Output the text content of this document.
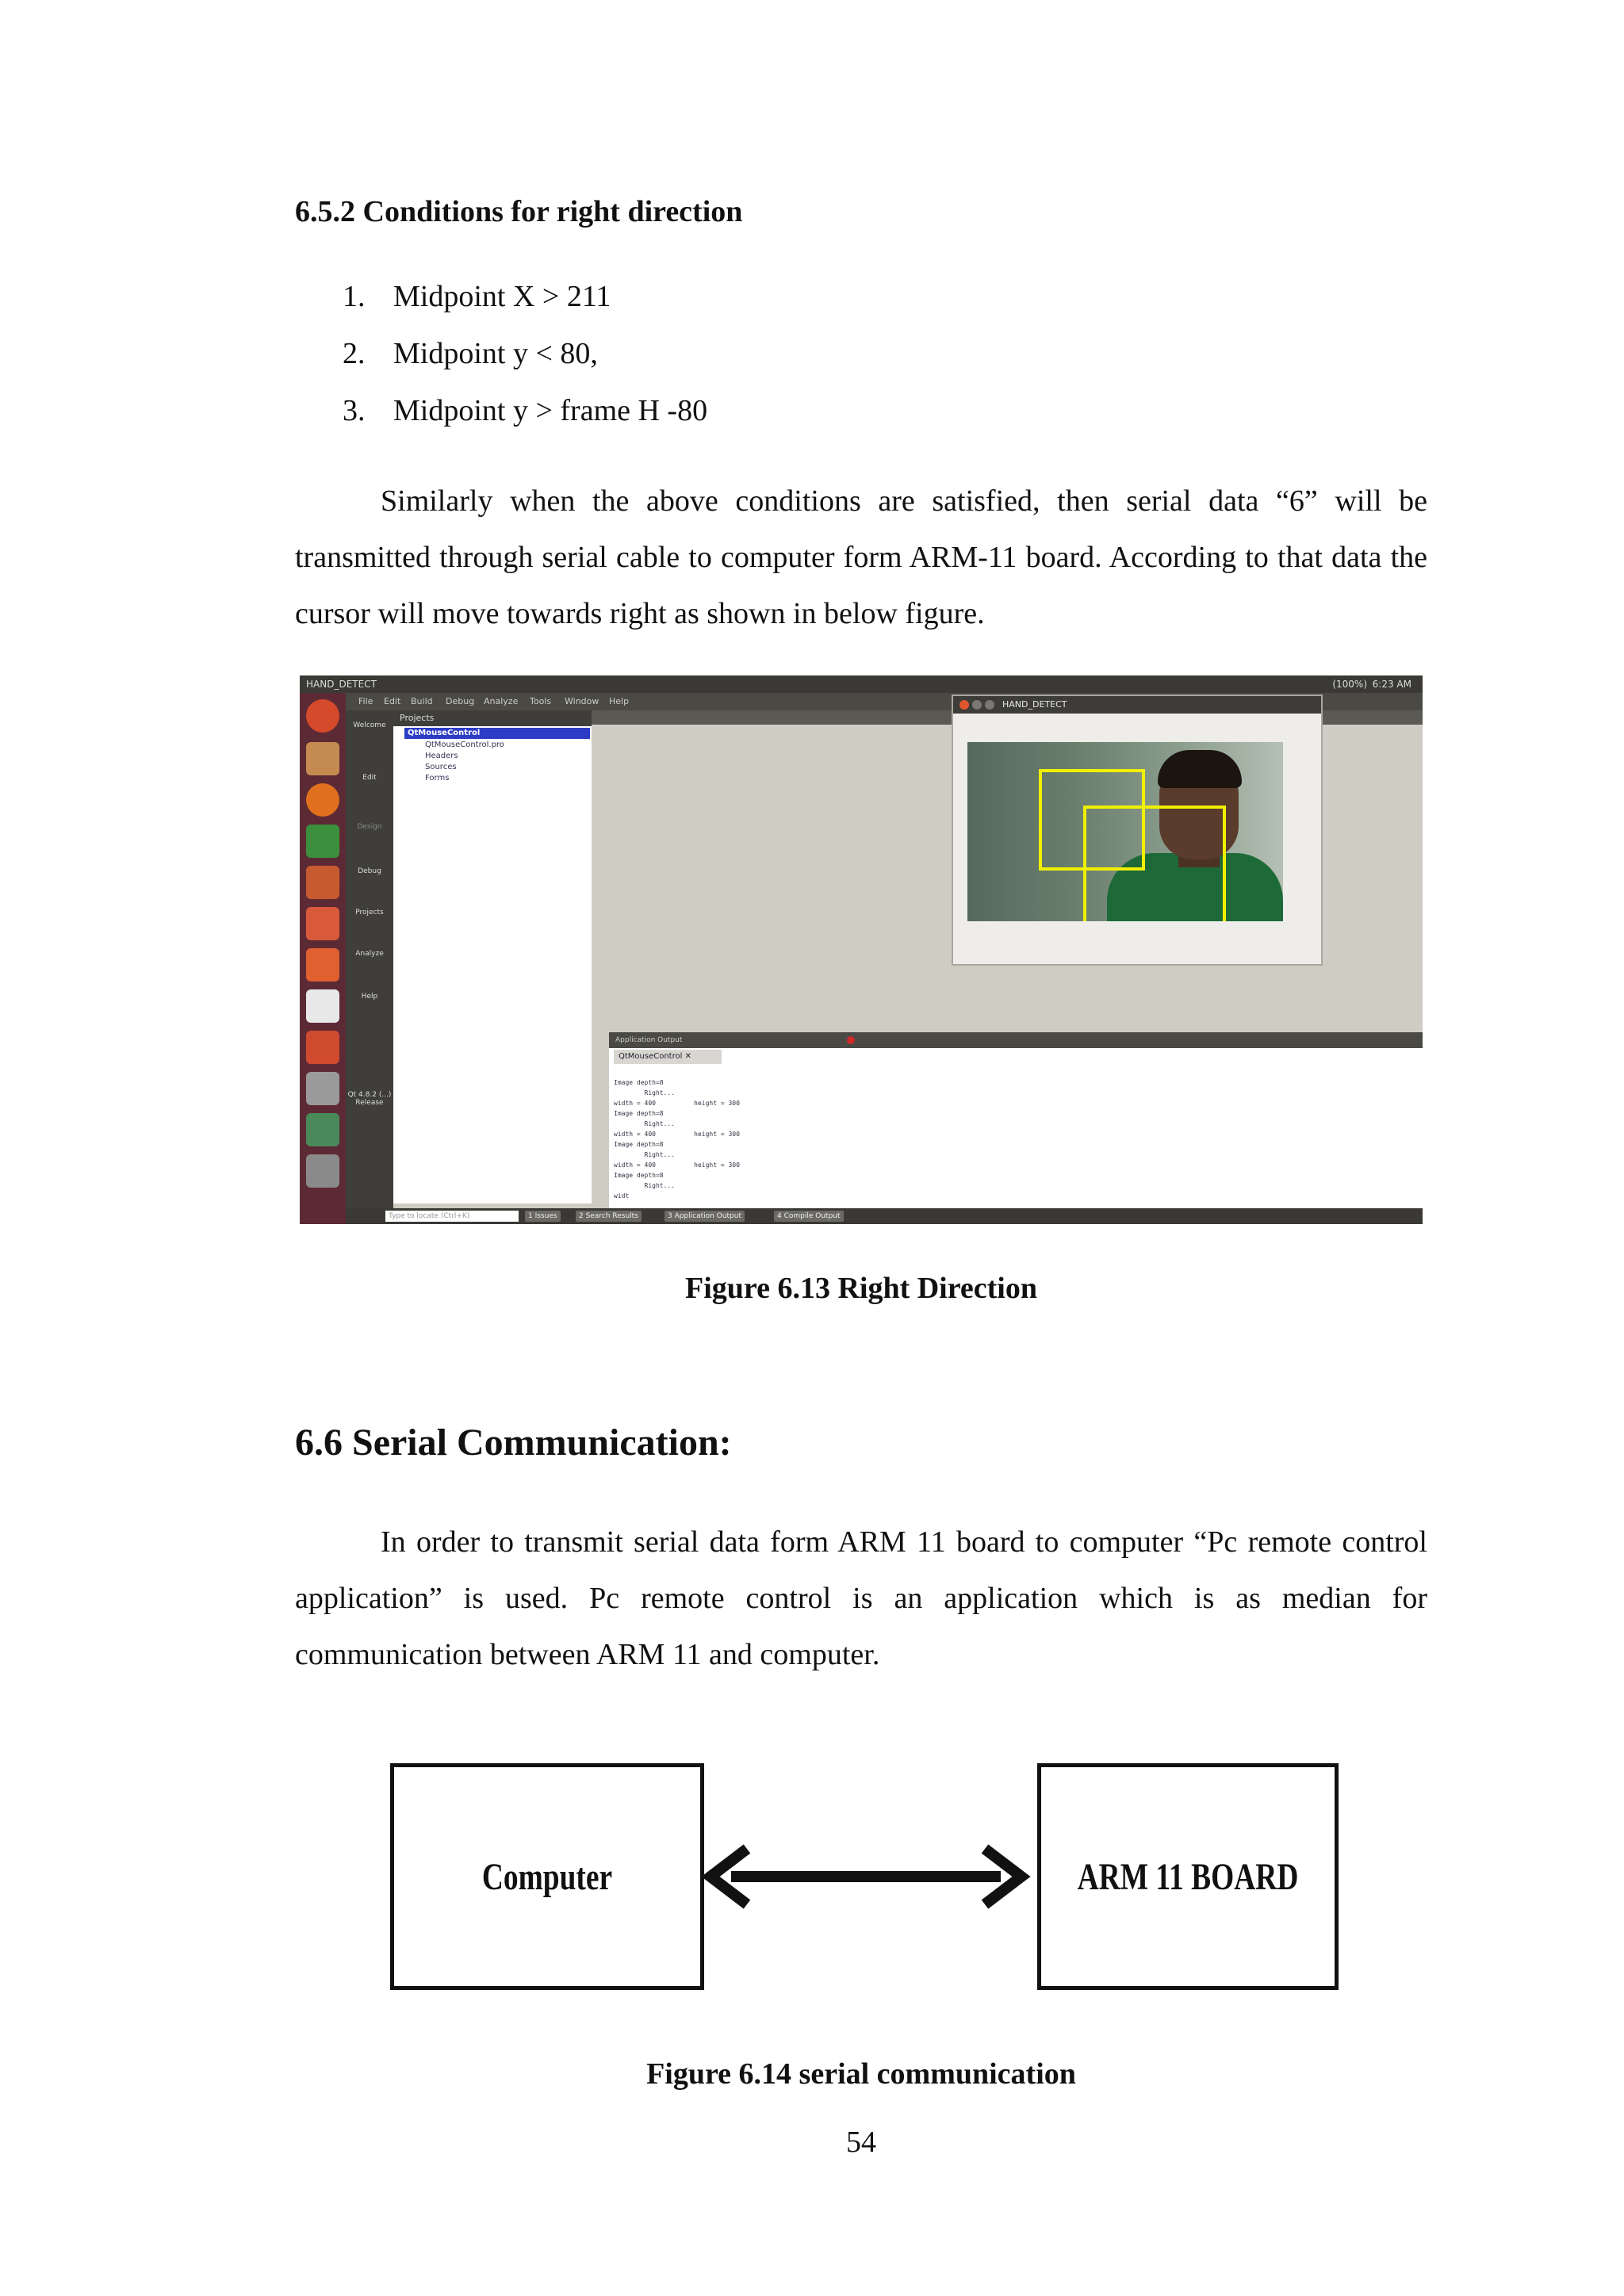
6.5.2 Conditions for right direction
1. Midpoint X > 211
2. Midpoint y < 80,
3. Midpoint y > frame H -80

Similarly when the above conditions are satisfied, then serial data “6” will be transmitted through serial cable to computer form ARM-11 board. According to that data the cursor will move towards right as shown in below figure.

HAND_DETECT	(100%) 6:23 AM
File Edit Build Debug Analyze Tools Window Help
Welcome
Edit
Design
Debug
Projects
Analyze
Help
Qt 4.8.2 (...) Release
Projects
QtMouseControl
QtMouseControl.pro
Headers
Sources
Forms
HAND_DETECT
Application Output
QtMouseControl ✕

Image depth=8
Right...
width = 400          height = 300
Image depth=8
Right...
width = 400          height = 300
Image depth=8
Right...
width = 400          height = 300
Image depth=8
Right...
widt

Type to locate (Ctrl+K)	1 Issues	2 Search Results	3 Application Output	4 Compile Output
Figure 6.13 Right Direction
6.6 Serial Communication:

In order to transmit serial data form ARM 11 board to computer “Pc remote control application” is used. Pc remote control is an application which is as median for communication between ARM 11 and computer.

Computer	ARM 11 BOARD
Figure 6.14 serial communication
54
